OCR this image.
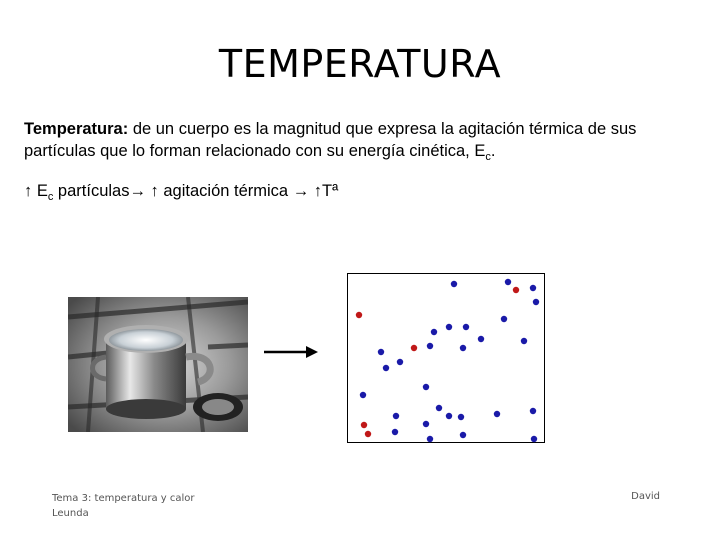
TEMPERATURA
Temperatura: de un cuerpo es la magnitud que expresa la agitación térmica de sus partículas que lo forman relacionado con su energía cinética, $E_c$.
↑ $E_c$ partículas→ ↑ agitación térmica → ↑Tª
Tema 3: temperatura y calor
Leunda
David
